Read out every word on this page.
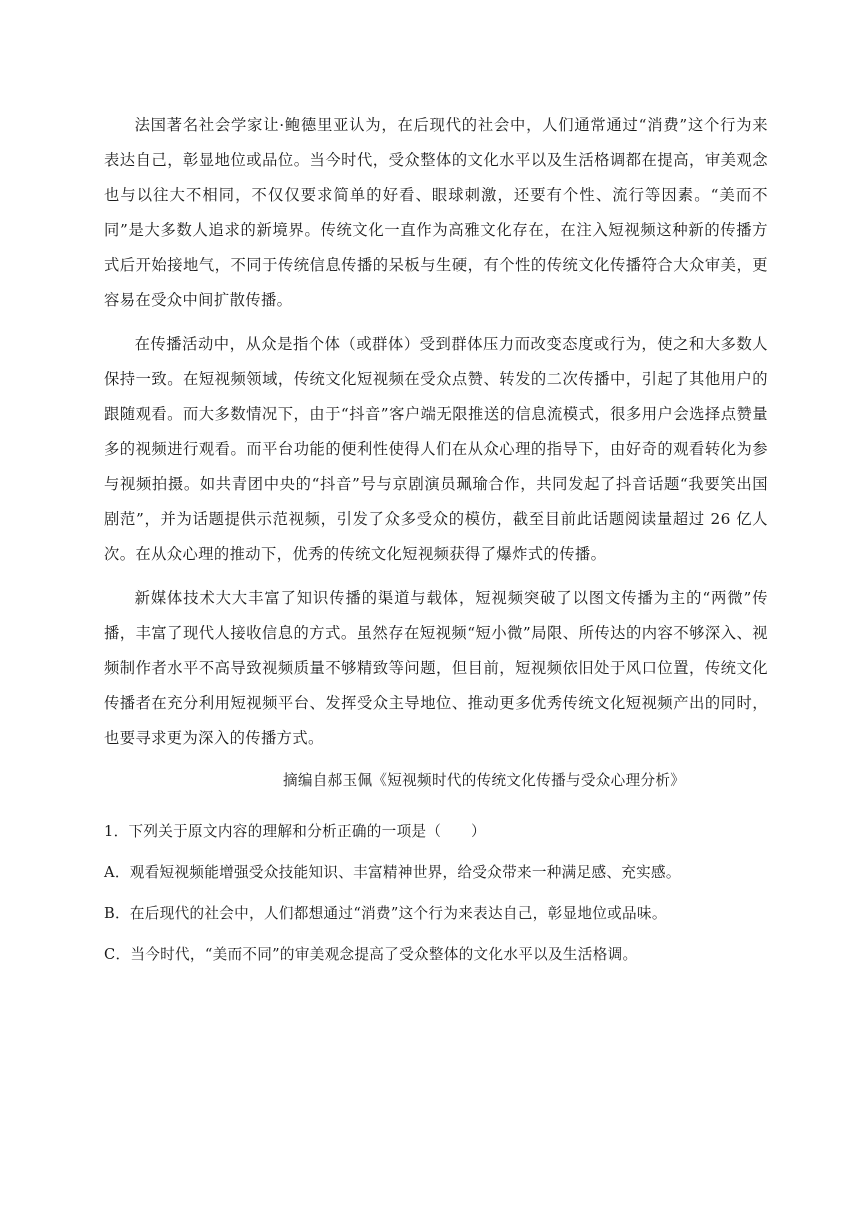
法国著名社会学家让·鲍德里亚认为，在后现代的社会中，人们通常通过“消费”这个行为来表达自己，彰显地位或品位。当今时代，受众整体的文化水平以及生活格调都在提高，审美观念也与以往大不相同，不仅仅要求简单的好看、眼球刺激，还要有个性、流行等因素。“美而不同”是大多数人追求的新境界。传统文化一直作为高雅文化存在，在注入短视频这种新的传播方式后开始接地气，不同于传统信息传播的呆板与生硬，有个性的传统文化传播符合大众审美，更容易在受众中间扩散传播。

在传播活动中，从众是指个体（或群体）受到群体压力而改变态度或行为，使之和大多数人保持一致。在短视频领域，传统文化短视频在受众点赞、转发的二次传播中，引起了其他用户的跟随观看。而大多数情况下，由于“抖音”客户端无限推送的信息流模式，很多用户会选择点赞量多的视频进行观看。而平台功能的便利性使得人们在从众心理的指导下，由好奇的观看转化为参与视频拍摄。如共青团中央的“抖音”号与京剧演员珮瑜合作，共同发起了抖音话题“我要笑出国剧范”，并为话题提供示范视频，引发了众多受众的模仿，截至目前此话题阅读量超过 26 亿人次。在从众心理的推动下，优秀的传统文化短视频获得了爆炸式的传播。

新媒体技术大大丰富了知识传播的渠道与载体，短视频突破了以图文传播为主的“两微”传播，丰富了现代人接收信息的方式。虽然存在短视频“短小微”局限、所传达的内容不够深入、视频制作者水平不高导致视频质量不够精致等问题，但目前，短视频依旧处于风口位置，传统文化传播者在充分利用短视频平台、发挥受众主导地位、推动更多优秀传统文化短视频产出的同时，也要寻求更为深入的传播方式。

摘编自郝玉佩《短视频时代的传统文化传播与受众心理分析》

1．下列关于原文内容的理解和分析正确的一项是（　　）

A．观看短视频能增强受众技能知识、丰富精神世界，给受众带来一种满足感、充实感。

B．在后现代的社会中，人们都想通过“消费”这个行为来表达自己，彰显地位或品味。

C．当今时代，“美而不同”的审美观念提高了受众整体的文化水平以及生活格调。
